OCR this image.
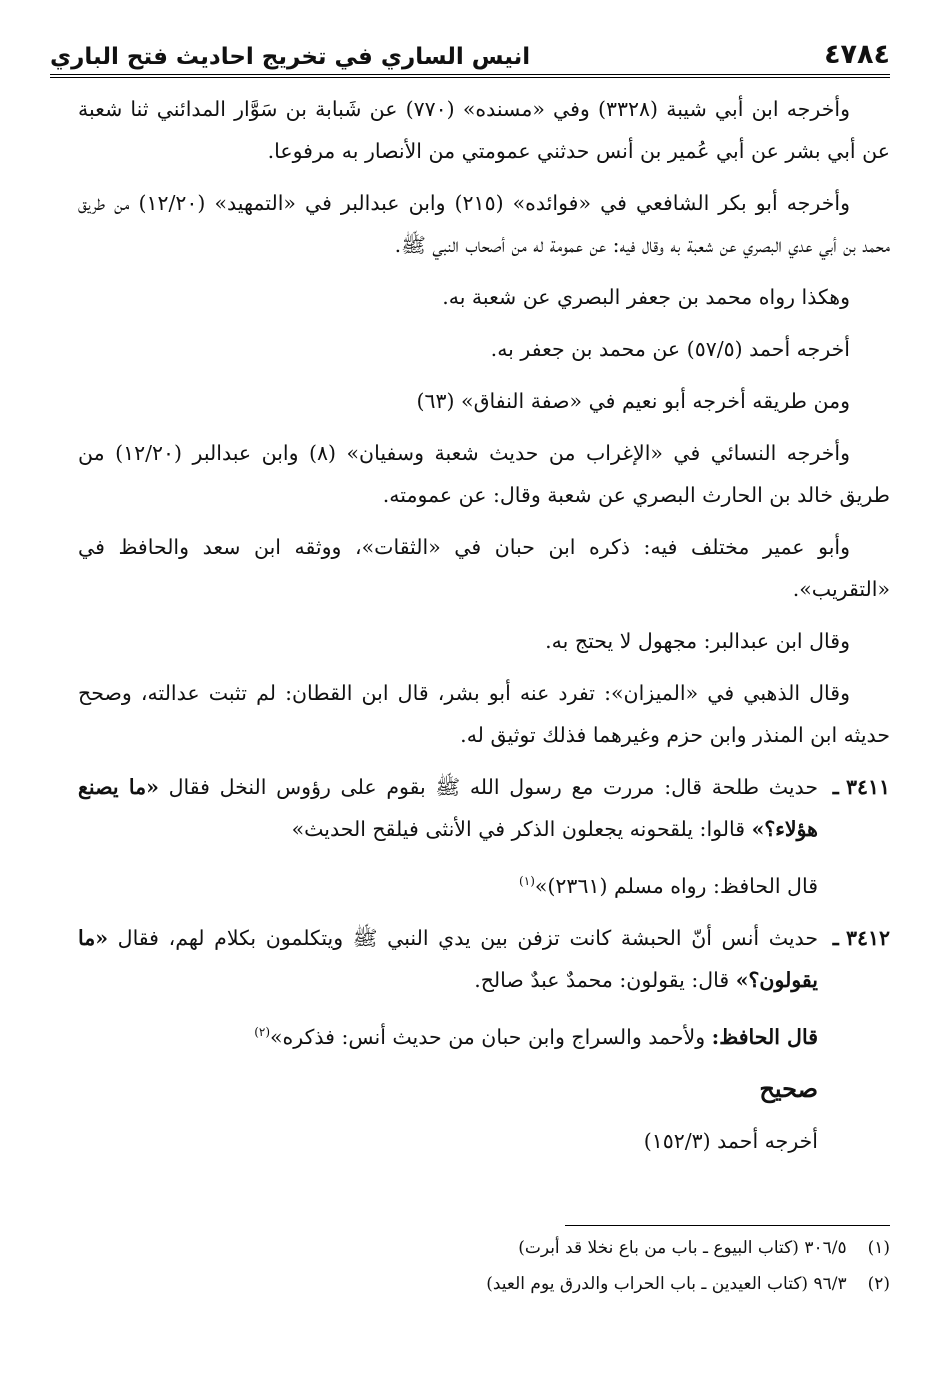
٤٧٨٤
انيس الساري في تخريج احاديث فتح الباري

وأخرجه ابن أبي شيبة (٣٣٢٨) وفي «مسنده» (٧٧٠) عن شَبابة بن سَوَّار المدائني ثنا شعبة عن أبي بشر عن أبي عُمير بن أنس حدثني عمومتي من الأنصار به مرفوعا.

وأخرجه أبو بكر الشافعي في «فوائده» (٢١٥) وابن عبدالبر في «التمهيد» (١٢/٢٠) من طريق محمد بن أبي عدي البصري عن شعبة به وقال فيه: عن عمومة له من أصحاب النبي ﷺ.

وهكذا رواه محمد بن جعفر البصري عن شعبة به.

أخرجه أحمد (٥٧/٥) عن محمد بن جعفر به.

ومن طريقه أخرجه أبو نعيم في «صفة النفاق» (٦٣)

وأخرجه النسائي في «الإغراب من حديث شعبة وسفيان» (٨) وابن عبدالبر (١٢/٢٠) من طريق خالد بن الحارث البصري عن شعبة وقال: عن عمومته.

وأبو عمير مختلف فيه: ذكره ابن حبان في «الثقات»، ووثقه ابن سعد والحافظ في «التقريب».

وقال ابن عبدالبر: مجهول لا يحتج به.

وقال الذهبي في «الميزان»: تفرد عنه أبو بشر، قال ابن القطان: لم تثبت عدالته، وصحح حديثه ابن المنذر وابن حزم وغيرهما فذلك توثيق له.

٣٤١١ ـ
حديث طلحة قال: مررت مع رسول الله ﷺ بقوم على رؤوس النخل فقال «ما يصنع هؤلاء؟» قالوا: يلقحونه يجعلون الذكر في الأنثى فيلقح الحديث»

قال الحافظ: رواه مسلم (٢٣٦١)»$^{(١)}$

٣٤١٢ ـ
حديث أنس أنّ الحبشة كانت تزفن بين يدي النبي ﷺ ويتكلمون بكلام لهم، فقال «ما يقولون؟» قال: يقولون: محمدٌ عبدٌ صالح.

قال الحافظ: ولأحمد والسراج وابن حبان من حديث أنس: فذكره»$^{(٢)}$

صحيح

أخرجه أحمد (١٥٢/٣)

(١) ٣٠٦/٥ (كتاب البيوع ـ باب من باع نخلا قد أبرت)
(٢) ٩٦/٣ (كتاب العيدين ـ باب الحراب والدرق يوم العيد)
